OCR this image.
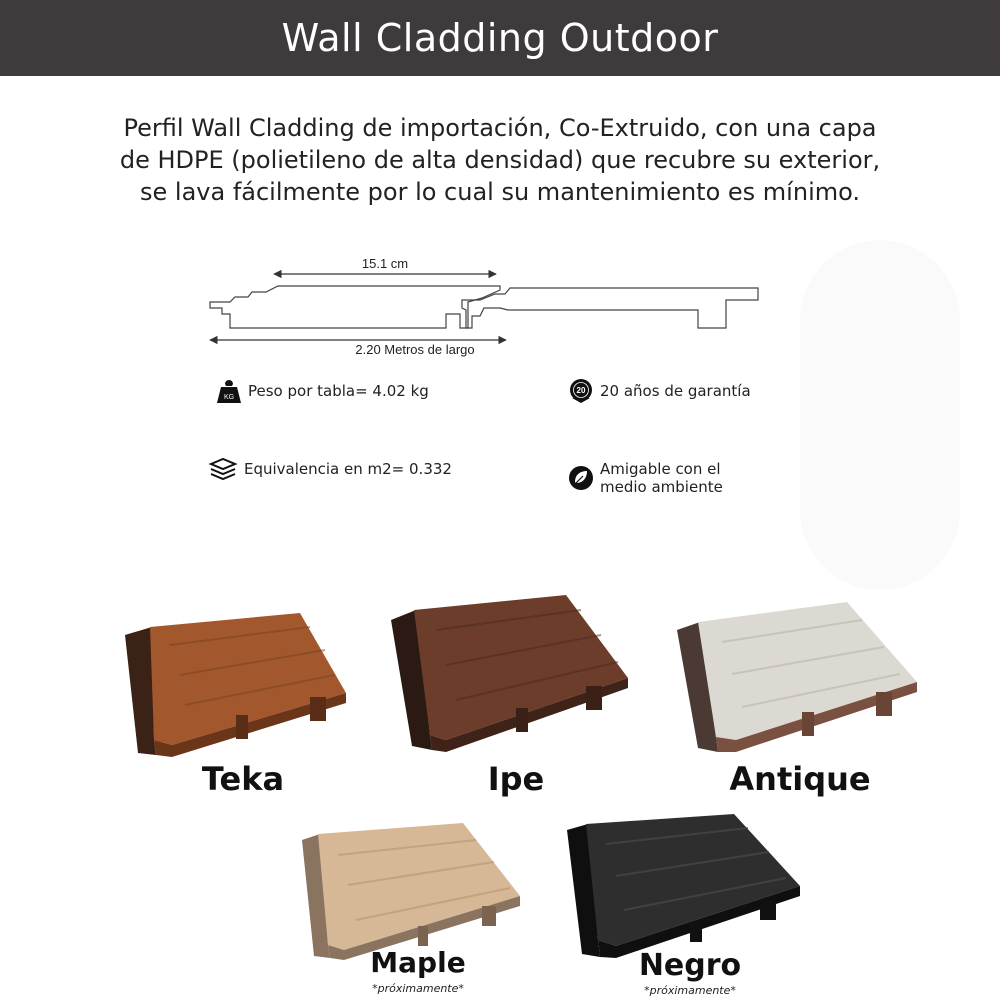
Wall Cladding Outdoor
Perfil Wall Cladding de importación, Co-Extruido, con una capa
de HDPE (polietileno de alta densidad) que recubre su exterior,
se lava fácilmente por lo cual su mantenimiento es mínimo.
15.1 cm
2.20 Metros de largo
KG Peso por tabla= 4.02 kg	20 20 años de garantía
Equivalencia en m2= 0.332	Amigable con el
medio ambiente
Teka	Ipe	Antique
Maple
*próximamente*
Negro
*próximamente*
